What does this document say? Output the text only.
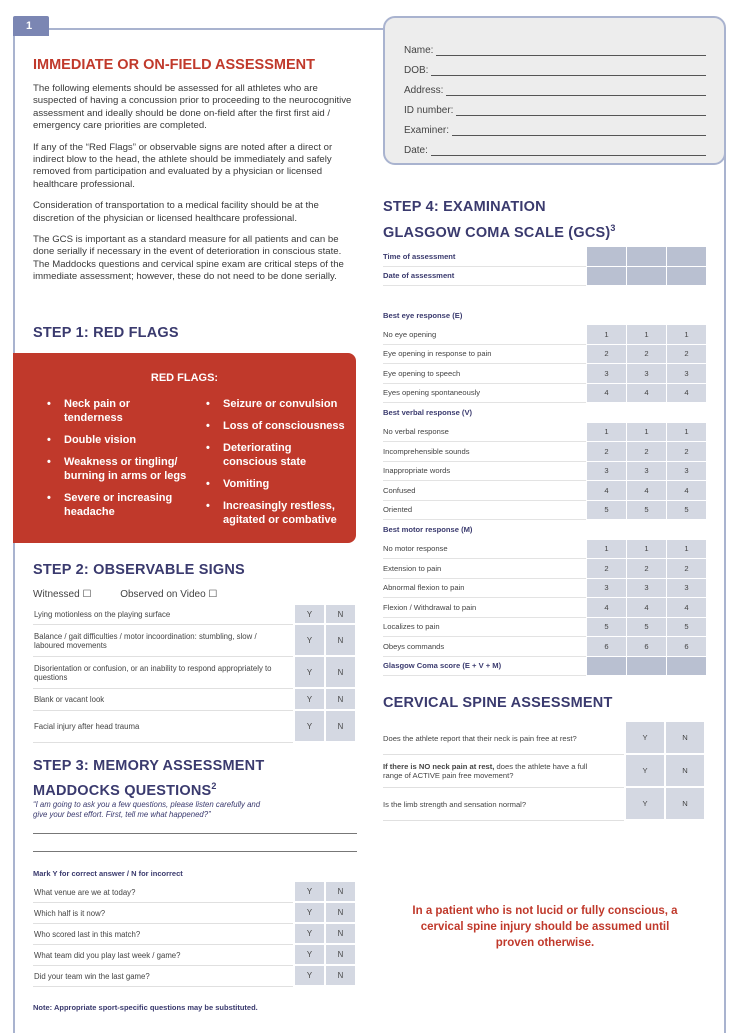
1
Name:
DOB:
Address:
ID number:
Examiner:
Date:
IMMEDIATE OR ON-FIELD ASSESSMENT

The following elements should be assessed for all athletes who are suspected of having a concussion prior to proceeding to the neurocognitive assessment and ideally should be done on-field after the first first aid / emergency care priorities are completed.

If any of the “Red Flags” or observable signs are noted after a direct or indirect blow to the head, the athlete should be immediately and safely removed from participation and evaluated by a physician or licensed healthcare professional.

Consideration of transportation to a medical facility should be at the discretion of the physician or licensed healthcare professional.

The GCS is important as a standard measure for all patients and can be done serially if necessary in the event of deterioration in conscious state. The Maddocks questions and cervical spine exam are critical steps of the immediate assessment; however, these do not need to be done serially.

STEP 1: RED FLAGS
RED FLAGS:
• Neck pain or tenderness
• Double vision
• Weakness or tingling/ burning in arms or legs
• Severe or increasing headache
• Seizure or convulsion
• Loss of consciousness
• Deteriorating conscious state
• Vomiting
• Increasingly restless, agitated or combative
STEP 2: OBSERVABLE SIGNS
Witnessed ☐	Observed on Video ☐
Lying motionless on the playing surface	Y	N
Balance / gait difficulties / motor incoordination: stumbling, slow / laboured movements	Y	N
Disorientation or confusion, or an inability to respond appropriately to questions	Y	N
Blank or vacant look	Y	N
Facial injury after head trauma	Y	N
STEP 3: MEMORY ASSESSMENT
MADDOCKS QUESTIONS$^2$
“I am going to ask you a few questions, please listen carefully and give your best effort. First, tell me what happened?”
Mark Y for correct answer / N for incorrect
What venue are we at today?	Y	N
Which half is it now?	Y	N
Who scored last in this match?	Y	N
What team did you play last week / game?	Y	N
Did your team win the last game?	Y	N
Note: Appropriate sport-specific questions may be substituted.
STEP 4: EXAMINATION
GLASGOW COMA SCALE (GCS)$^3$
Time of assessment			
Date of assessment			

Best eye response (E)			
No eye opening	1	1	1
Eye opening in response to pain	2	2	2
Eye opening to speech	3	3	3
Eyes opening spontaneously	4	4	4
Best verbal response (V)			
No verbal response	1	1	1
Incomprehensible sounds	2	2	2
Inappropriate words	3	3	3
Confused	4	4	4
Oriented	5	5	5
Best motor response (M)			
No motor response	1	1	1
Extension to pain	2	2	2
Abnormal flexion to pain	3	3	3
Flexion / Withdrawal to pain	4	4	4
Localizes to pain	5	5	5
Obeys commands	6	6	6
Glasgow Coma score (E + V + M)			
CERVICAL SPINE ASSESSMENT
Does the athlete report that their neck is pain free at rest?	Y	N
If there is NO neck pain at rest, does the athlete have a full range of ACTIVE pain free movement?	Y	N
Is the limb strength and sensation normal?	Y	N
In a patient who is not lucid or fully conscious, a cervical spine injury should be assumed until proven otherwise.
